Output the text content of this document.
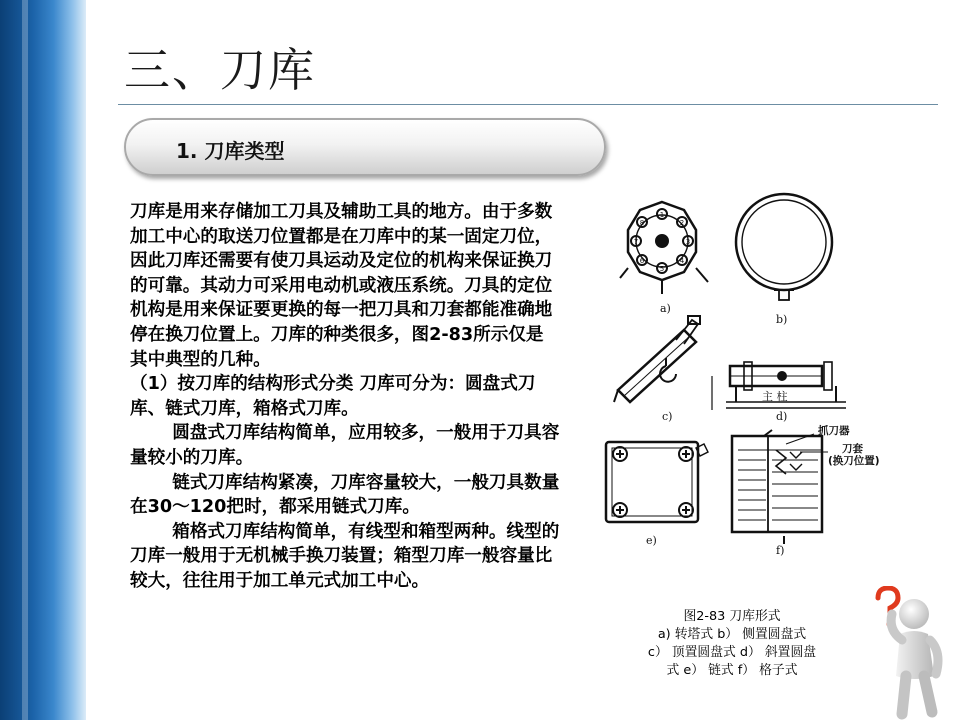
三、刀库
1. 刀库类型

刀库是用来存储加工刀具及辅助工具的地方。由于多数加工中心的取送刀位置都是在刀库中的某一固定刀位，因此刀库还需要有使刀具运动及定位的机构来保证换刀的可靠。其动力可采用电动机或液压系统。刀具的定位机构是用来保证要更换的每一把刀具和刀套都能准确地停在换刀位置上。刀库的种类很多，图2-83所示仅是其中典型的几种。

（1）按刀库的结构形式分类 刀库可分为：圆盘式刀库、链式刀库，箱格式刀库。

圆盘式刀库结构简单，应用较多，一般用于刀具容量较小的刀库。

链式刀库结构紧凑，刀库容量较大，一般刀具数量在30～120把时，都采用链式刀库。

箱格式刀库结构简单，有线型和箱型两种。线型的刀库一般用于无机械手换刀装置；箱型刀库一般容量比较大，往往用于加工单元式加工中心。

1
2
3
4
5
6
7
8
a)
b)
c)
主 柱
d)
e)
抓刀器
刀套
(换刀位置)
f)
图2-83 刀库形式
a) 转塔式 b） 侧置圆盘式
c） 顶置圆盘式 d） 斜置圆盘
式 e） 链式 f） 格子式
